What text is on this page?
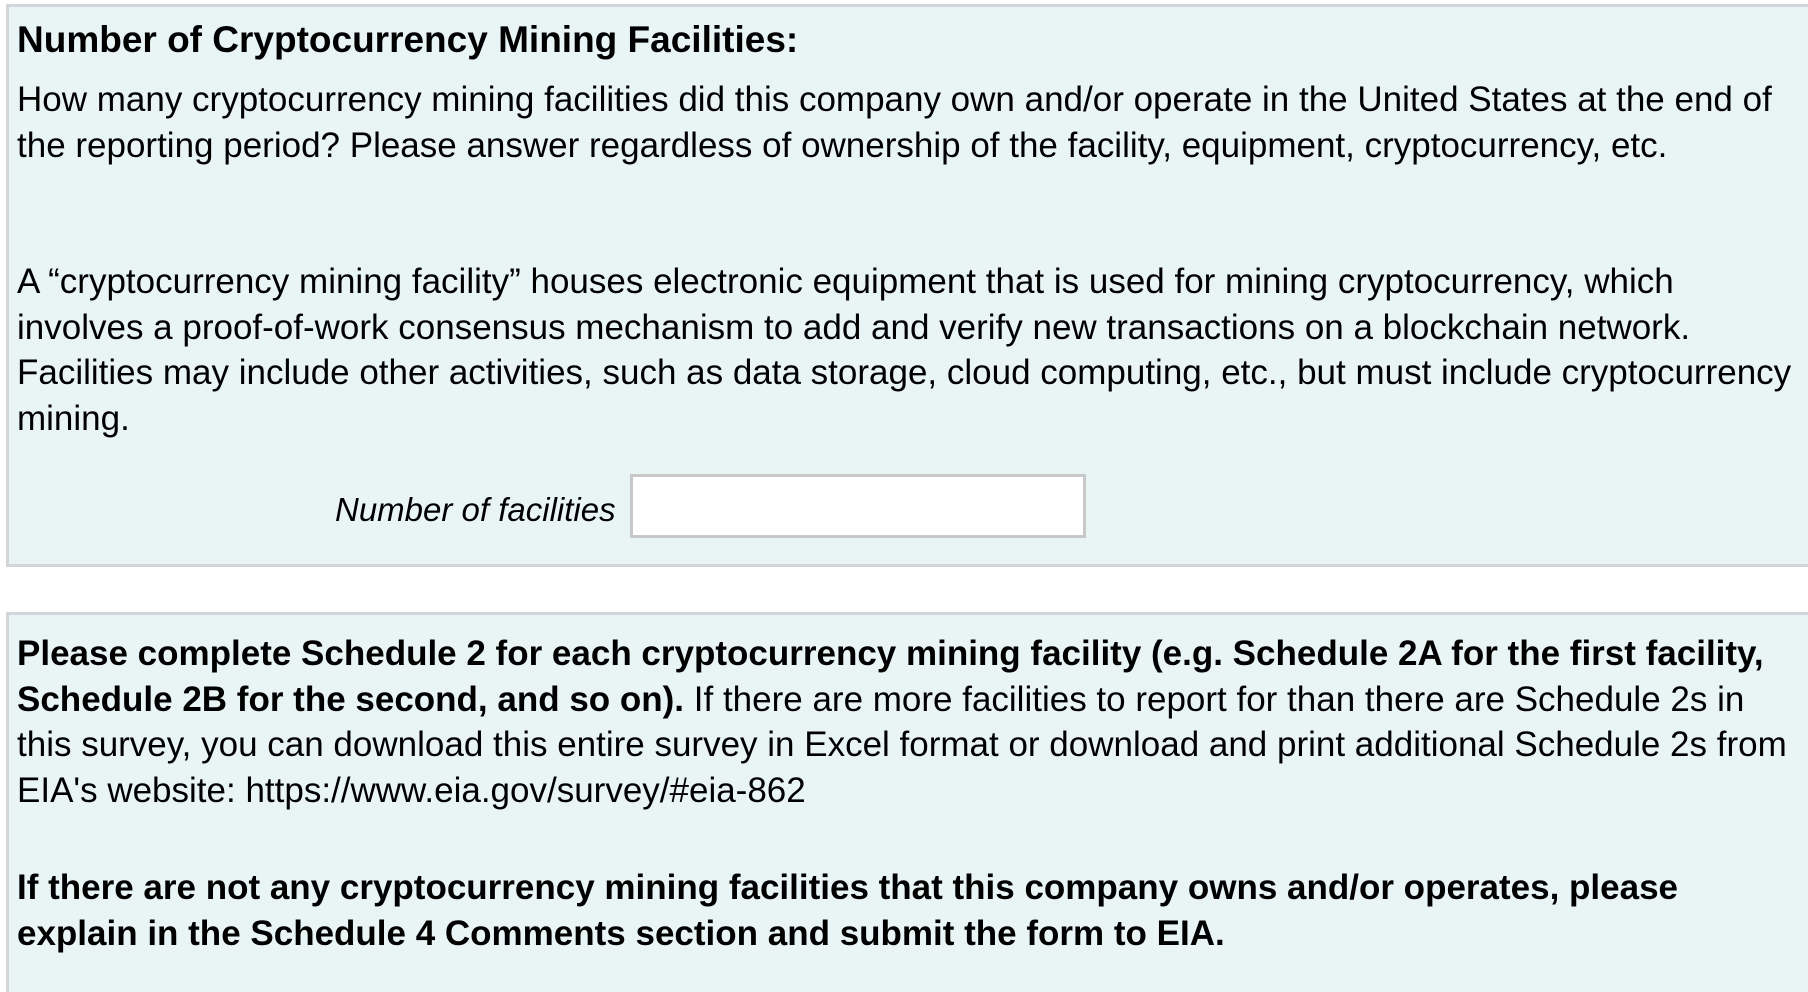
Number of Cryptocurrency Mining Facilities:

How many cryptocurrency mining facilities did this company own and/or operate in the United States at the end of the reporting period? Please answer regardless of ownership of the facility, equipment, cryptocurrency, etc.

A “cryptocurrency mining facility” houses electronic equipment that is used for mining cryptocurrency, which involves a proof-of-work consensus mechanism to add and verify new transactions on a blockchain network. Facilities may include other activities, such as data storage, cloud computing, etc., but must include cryptocurrency mining.

Number of facilities

Please complete Schedule 2 for each cryptocurrency mining facility (e.g. Schedule 2A for the first facility, Schedule 2B for the second, and so on). If there are more facilities to report for than there are Schedule 2s in this survey, you can download this entire survey in Excel format or download and print additional Schedule 2s from EIA's website: https://www.eia.gov/survey/#eia-862

If there are not any cryptocurrency mining facilities that this company owns and/or operates, please explain in the Schedule 4 Comments section and submit the form to EIA.
